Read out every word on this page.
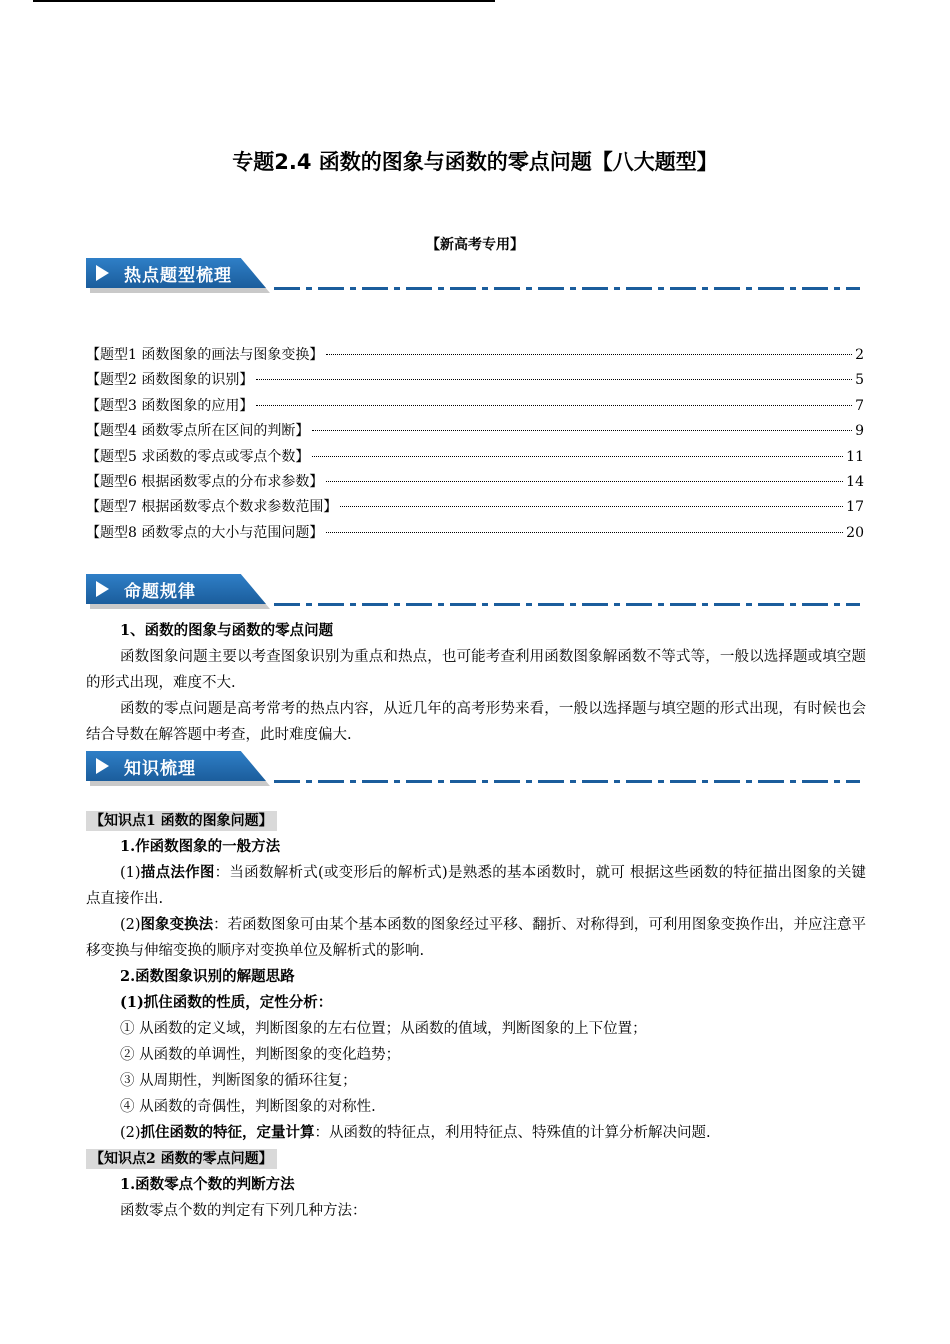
专题2.4 函数的图象与函数的零点问题【八大题型】
【新高考专用】
热点题型梳理
【题型1 函数图象的画法与图象变换】	2
【题型2 函数图象的识别】	5
【题型3 函数图象的应用】	7
【题型4 函数零点所在区间的判断】	9
【题型5 求函数的零点或零点个数】	11
【题型6 根据函数零点的分布求参数】	14
【题型7 根据函数零点个数求参数范围】	17
【题型8 函数零点的大小与范围问题】	20
命题规律
1、函数的图象与函数的零点问题

函数图象问题主要以考查图象识别为重点和热点，也可能考查利用函数图象解函数不等式等，一般以选择题或填空题的形式出现，难度不大.

函数的零点问题是高考常考的热点内容，从近几年的高考形势来看，一般以选择题与填空题的形式出现，有时候也会结合导数在解答题中考查，此时难度偏大.

知识梳理
【知识点1 函数的图象问题】
1.作函数图象的一般方法

(1)描点法作图：当函数解析式(或变形后的解析式)是熟悉的基本函数时，就可 根据这些函数的特征描出图象的关键点直接作出.

(2)图象变换法：若函数图象可由某个基本函数的图象经过平移、翻折、对称得到，可利用图象变换作出，并应注意平移变换与伸缩变换的顺序对变换单位及解析式的影响.

2.函数图象识别的解题思路
(1)抓住函数的性质，定性分析：
① 从函数的定义域，判断图象的左右位置；从函数的值域，判断图象的上下位置；
② 从函数的单调性，判断图象的变化趋势；
③ 从周期性，判断图象的循环往复；
④ 从函数的奇偶性，判断图象的对称性.

(2)抓住函数的特征，定量计算：从函数的特征点，利用特征点、特殊值的计算分析解决问题.

【知识点2 函数的零点问题】
1.函数零点个数的判断方法
函数零点个数的判定有下列几种方法：
